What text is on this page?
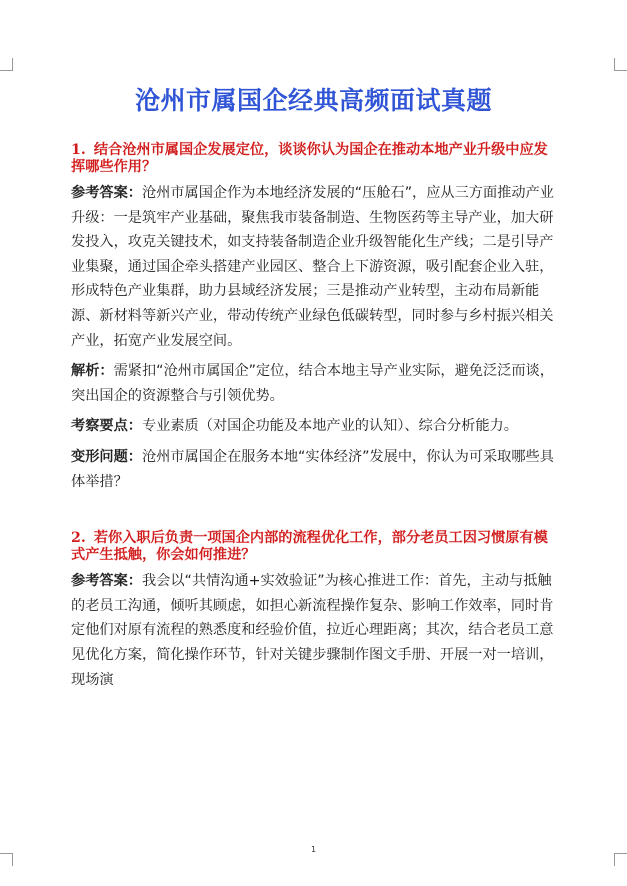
沧州市属国企经典高频面试真题
1. 结合沧州市属国企发展定位，谈谈你认为国企在推动本地产业升级中应发挥哪些作用？

参考答案：沧州市属国企作为本地经济发展的“压舱石”，应从三方面推动产业升级：一是筑牢产业基础，聚焦我市装备制造、生物医药等主导产业，加大研发投入，攻克关键技术，如支持装备制造企业升级智能化生产线；二是引导产业集聚，通过国企牵头搭建产业园区、整合上下游资源，吸引配套企业入驻，形成特色产业集群，助力县域经济发展；三是推动产业转型，主动布局新能源、新材料等新兴产业，带动传统产业绿色低碳转型，同时参与乡村振兴相关产业，拓宽产业发展空间。

解析：需紧扣“沧州市属国企”定位，结合本地主导产业实际，避免泛泛而谈，突出国企的资源整合与引领优势。

考察要点：专业素质（对国企功能及本地产业的认知）、综合分析能力。

变形问题：沧州市属国企在服务本地“实体经济”发展中，你认为可采取哪些具体举措？

2. 若你入职后负责一项国企内部的流程优化工作，部分老员工因习惯原有模式产生抵触，你会如何推进？

参考答案：我会以“共情沟通+实效验证”为核心推进工作：首先，主动与抵触的老员工沟通，倾听其顾虑，如担心新流程操作复杂、影响工作效率，同时肯定他们对原有流程的熟悉度和经验价值，拉近心理距离；其次，结合老员工意见优化方案，简化操作环节，针对关键步骤制作图文手册、开展一对一培训，现场演

1
